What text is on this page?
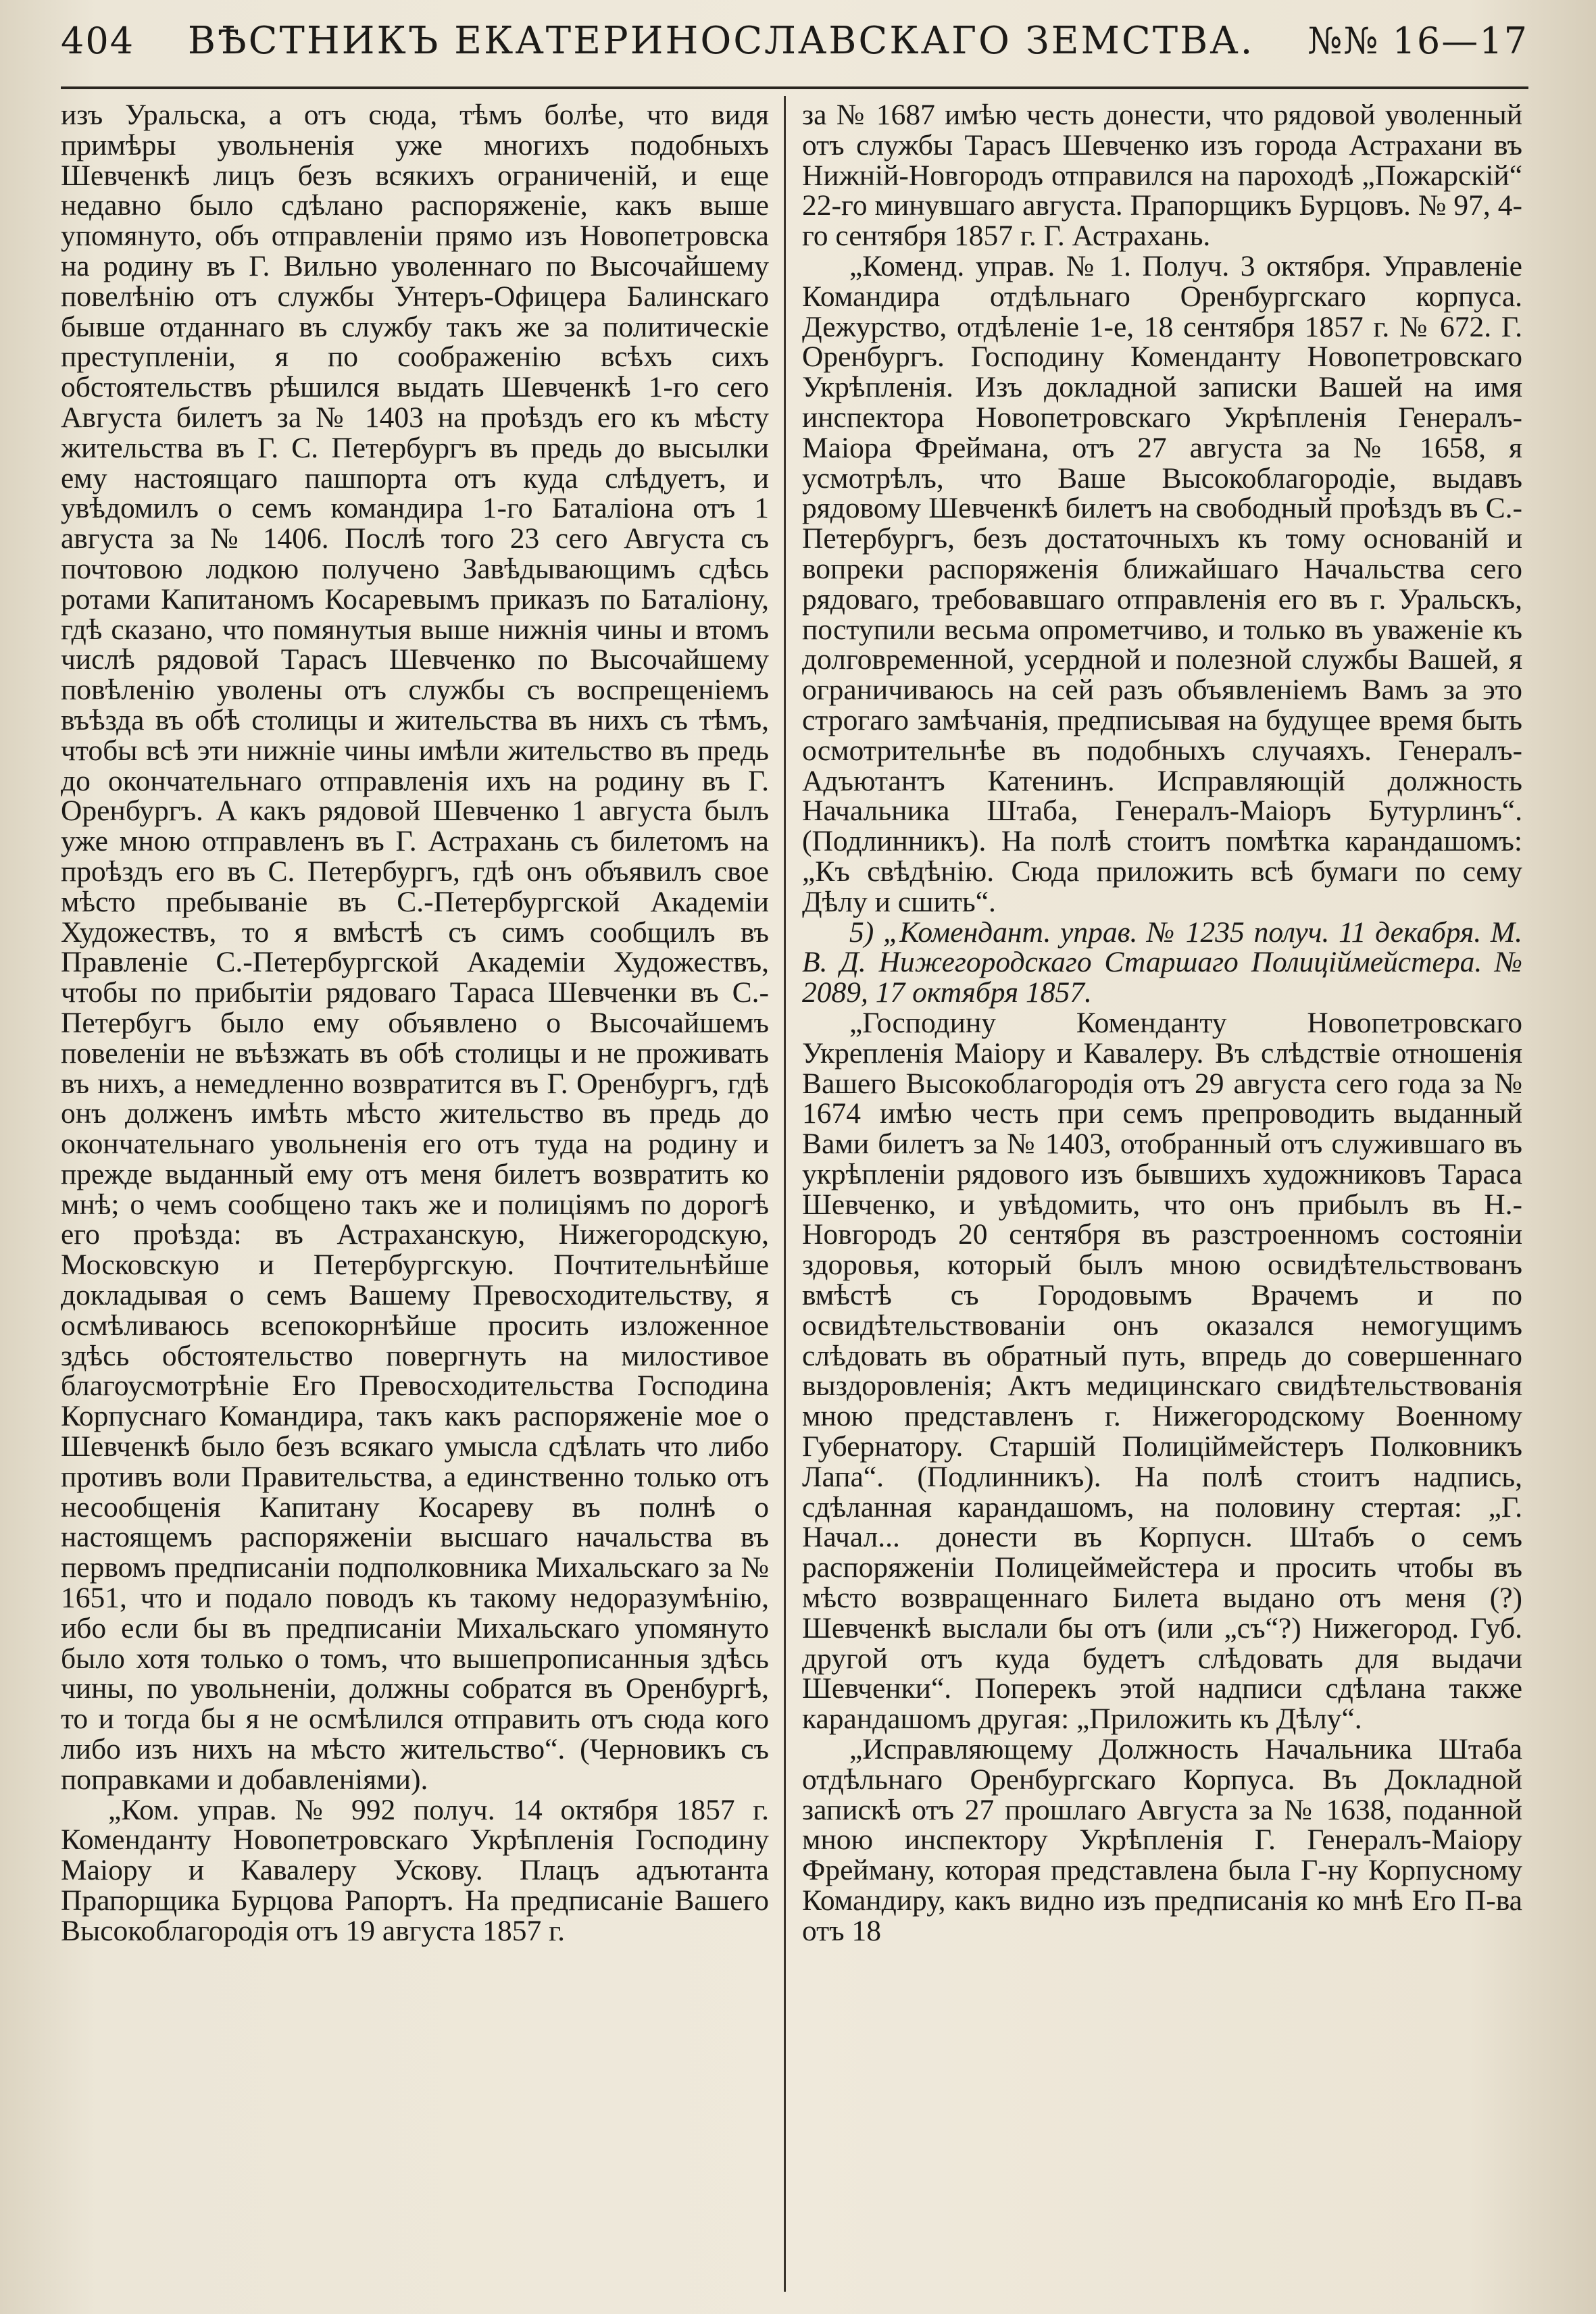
404 ВѢСТНИКЪ ЕКАТЕРИНОСЛАВСКАГО ЗЕМСТВА. №№ 16—17

изъ Уральска, а отъ сюда, тѣмъ болѣе, что видя примѣры увольненія уже многихъ подобныхъ Шевченкѣ лицъ безъ всякихъ ограниченій, и еще недавно было сдѣлано распоряженіе, какъ выше упомянуто, объ отправленіи прямо изъ Новопетровска на родину въ Г. Вильно уволеннаго по Высочайшему повелѣнію отъ службы Унтеръ-Офицера Балинскаго бывше отданнаго въ службу такъ же за политическіе преступленіи, я по соображенію всѣхъ сихъ обстоятельствъ рѣшился выдать Шевченкѣ 1-го сего Августа билетъ за № 1403 на проѣздъ его къ мѣсту жительства въ Г. С. Петербургъ въ предь до высылки ему настоящаго пашпорта отъ куда слѣдуетъ, и увѣдомилъ о семъ командира 1-го Баталіона отъ 1 августа за № 1406. Послѣ того 23 сего Августа съ почтовою лодкою получено Завѣдывающимъ сдѣсь ротами Капитаномъ Косаревымъ приказъ по Баталіону, гдѣ сказано, что помянутыя выше нижнія чины и втомъ числѣ рядовой Тарасъ Шевченко по Высочайшему повѣленію уволены отъ службы съ воспрещеніемъ въѣзда въ обѣ столицы и жительства въ нихъ съ тѣмъ, чтобы всѣ эти нижніе чины имѣли жительство въ предь до окончательнаго отправленія ихъ на родину въ Г. Оренбургъ. А какъ рядовой Шевченко 1 августа былъ уже мною отправленъ въ Г. Астрахань съ билетомъ на проѣздъ его въ С. Петербургъ, гдѣ онъ объявилъ свое мѣсто пребываніе въ С.-Петербургской Академіи Художествъ, то я вмѣстѣ съ симъ сообщилъ въ Правленіе С.-Петербургской Академіи Художествъ, чтобы по прибытіи рядоваго Тараса Шевченки въ С.-Петербугъ было ему объявлено о Высочайшемъ повеленіи не въѣзжать въ обѣ столицы и не проживать въ нихъ, а немедленно возвратится въ Г. Оренбургъ, гдѣ онъ долженъ имѣть мѣсто жительство въ предь до окончательнаго увольненія его отъ туда на родину и прежде выданный ему отъ меня билетъ возвратить ко мнѣ; о чемъ сообщено такъ же и полиціямъ по дорогѣ его проѣзда: въ Астраханскую, Нижегородскую, Московскую и Петербургскую. Почтительнѣйше докладывая о семъ Вашему Превосходительству, я осмѣливаюсь всепокорнѣйше просить изложенное здѣсь обстоятельство повергнуть на милостивое благоусмотрѣніе Его Превосходительства Господина Корпуснаго Командира, такъ какъ распоряженіе мое о Шевченкѣ было безъ всякаго умысла сдѣлать что либо противъ воли Правительства, а единственно только отъ несообщенія Капитану Косареву въ полнѣ о настоящемъ распоряженіи высшаго начальства въ первомъ предписаніи подполковника Михальскаго за № 1651, что и подало поводъ къ такому недоразумѣнію, ибо если бы въ предписаніи Михальскаго упомянуто было хотя только о томъ, что вышепрописанныя здѣсь чины, по увольненіи, должны собратся въ Оренбургѣ, то и тогда бы я не осмѣлился отправить отъ сюда кого либо изъ нихъ на мѣсто жительство“. (Черновикъ съ поправками и добавленіями).

„Ком. управ. № 992 получ. 14 октября 1857 г. Коменданту Новопетровскаго Укрѣпленія Господину Маіору и Кавалеру Ускову. Плацъ адъютанта Прапорщика Бурцова Рапортъ. На предписаніе Вашего Высокоблагородія отъ 19 августа 1857 г.

за № 1687 имѣю честь донести, что рядовой уволенный отъ службы Тарасъ Шевченко изъ города Астрахани въ Нижній-Новгородъ отправился на пароходѣ „Пожарскій“ 22-го минувшаго августа. Прапорщикъ Бурцовъ. № 97, 4-го сентября 1857 г. Г. Астрахань.

„Коменд. управ. № 1. Получ. 3 октября. Управленіе Командира отдѣльнаго Оренбургскаго корпуса. Дежурство, отдѣленіе 1-е, 18 сентября 1857 г. № 672. Г. Оренбургъ. Господину Коменданту Новопетровскаго Укрѣпленія. Изъ докладной записки Вашей на имя инспектора Новопетровскаго Укрѣпленія Генералъ-Маіора Фреймана, отъ 27 августа за № 1658, я усмотрѣлъ, что Ваше Высокоблагородіе, выдавъ рядовому Шевченкѣ билетъ на свободный проѣздъ въ С.-Петербургъ, безъ достаточныхъ къ тому основаній и вопреки распоряженія ближайшаго Начальства сего рядоваго, требовавшаго отправленія его въ г. Уральскъ, поступили весьма опрометчиво, и только въ уваженіе къ долговременной, усердной и полезной службы Вашей, я ограничиваюсь на сей разъ объявленіемъ Вамъ за это строгаго замѣчанія, предписывая на будущее время быть осмотрительнѣе въ подобныхъ случаяхъ. Генералъ-Адъютантъ Катенинъ. Исправляющій должность Начальника Штаба, Генералъ-Маіоръ Бутурлинъ“. (Подлинникъ). На полѣ стоитъ помѣтка карандашомъ: „Къ свѣдѣнію. Сюда приложить всѣ бумаги по сему Дѣлу и сшить“.

5) „Комендант. управ. № 1235 получ. 11 декабря. М. В. Д. Нижегородскаго Старшаго Полиціймейстера. № 2089, 17 октября 1857.

„Господину Коменданту Новопетровскаго Укрепленія Маіору и Кавалеру. Въ слѣдствіе отношенія Вашего Высокоблагородія отъ 29 августа сего года за № 1674 имѣю честь при семъ препроводить выданный Вами билетъ за № 1403, отобранный отъ служившаго въ укрѣпленіи рядового изъ бывшихъ художниковъ Тараса Шевченко, и увѣдомить, что онъ прибылъ въ Н.-Новгородъ 20 сентября въ разстроенномъ состояніи здоровья, который былъ мною освидѣтельствованъ вмѣстѣ съ Городовымъ Врачемъ и по освидѣтельствованіи онъ оказался немогущимъ слѣдовать въ обратный путь, впредь до совершеннаго выздоровленія; Актъ медицинскаго свидѣтельствованія мною представленъ г. Нижегородскому Военному Губернатору. Старшій Полиціймейстеръ Полковникъ Лапа“. (Подлинникъ). На полѣ стоитъ надпись, сдѣланная карандашомъ, на половину стертая: „Г. Начал... донести въ Корпусн. Штабъ о семъ распоряженіи Полицеймейстера и просить чтобы въ мѣсто возвращеннаго Билета выдано отъ меня (?) Шевченкѣ выслали бы отъ (или „съ“?) Нижегород. Губ. другой отъ куда будетъ слѣдовать для выдачи Шевченки“. Поперекъ этой надписи сдѣлана также карандашомъ другая: „Приложить къ Дѣлу“.

„Исправляющему Должность Начальника Штаба отдѣльнаго Оренбургскаго Корпуса. Въ Докладной запискѣ отъ 27 прошлаго Августа за № 1638, поданной мною инспектору Укрѣпленія Г. Генералъ-Маіору Фрейману, которая представлена была Г-ну Корпусному Командиру, какъ видно изъ предписанія ко мнѣ Его П-ва отъ 18
